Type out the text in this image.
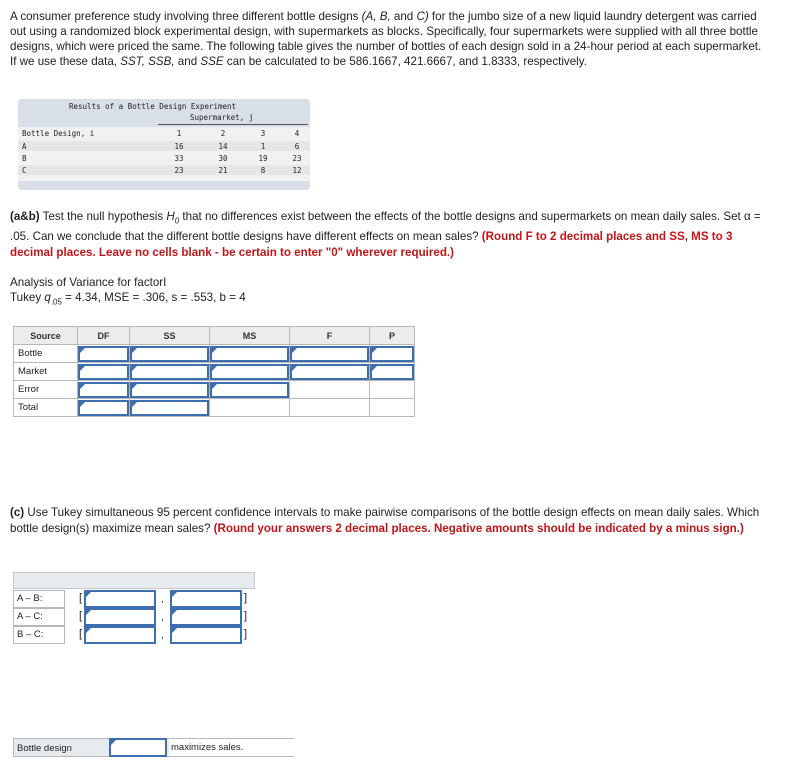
A consumer preference study involving three different bottle designs (A, B, and C) for the jumbo size of a new liquid laundry detergent was carried out using a randomized block experimental design, with supermarkets as blocks. Specifically, four supermarkets were supplied with all three bottle designs, which were priced the same. The following table gives the number of bottles of each design sold in a 24-hour period at each supermarket. If we use these data, SST, SSB, and SSE can be calculated to be 586.1667, 421.6667, and 1.8333, respectively.
Results of a Bottle Design Experiment
Supermarket, j
Bottle Design, i	1	2	3	4
A	16	14	1	6
B	33	30	19	23
C	23	21	8	12
(a&b) Test the null hypothesis $H_0$ that no differences exist between the effects of the bottle designs and supermarkets on mean daily sales. Set α = .05. Can we conclude that the different bottle designs have different effects on mean sales? (Round F to 2 decimal places and SS, MS to 3 decimal places. Leave no cells blank - be certain to enter "0" wherever required.)
Analysis of Variance for factorI
Tukey $q_{.05} = 4.34$, MSE = .306, s = .553, b = 4
Source	DF	SS	MS	F	P
Bottle	

Market	

Error	

Total	

(c) Use Tukey simultaneous 95 percent confidence intervals to make pairwise comparisons of the bottle design effects on mean daily sales. Which bottle design(s) maximize mean sales? (Round your answers 2 decimal places. Negative amounts should be indicated by a minus sign.)
A – B:	[	,	]
A – C:	[	,	]
B – C:	[	,	]
Bottle design	maximizes sales.
